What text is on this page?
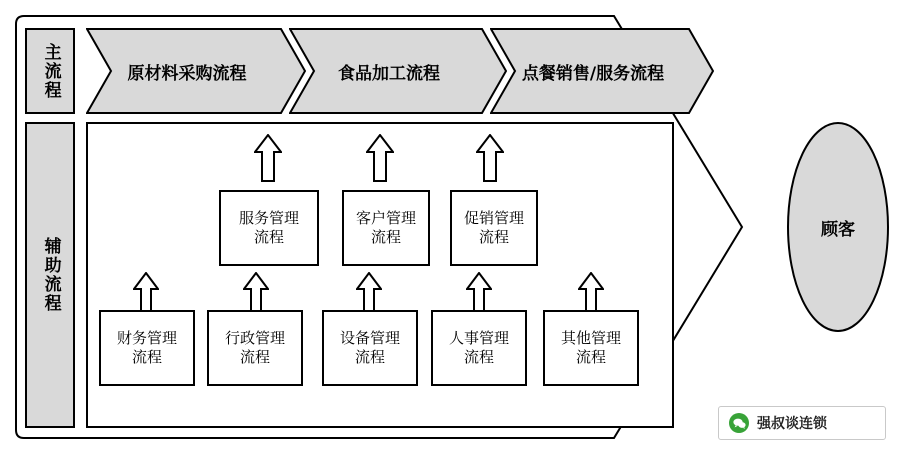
主流程
辅助流程
原材料采购流程	食品加工流程	点餐销售/服务流程
服务管理
流程
客户管理
流程
促销管理
流程
财务管理
流程
行政管理
流程
设备管理
流程
人事管理
流程
其他管理
流程
顾客
强叔谈连锁
